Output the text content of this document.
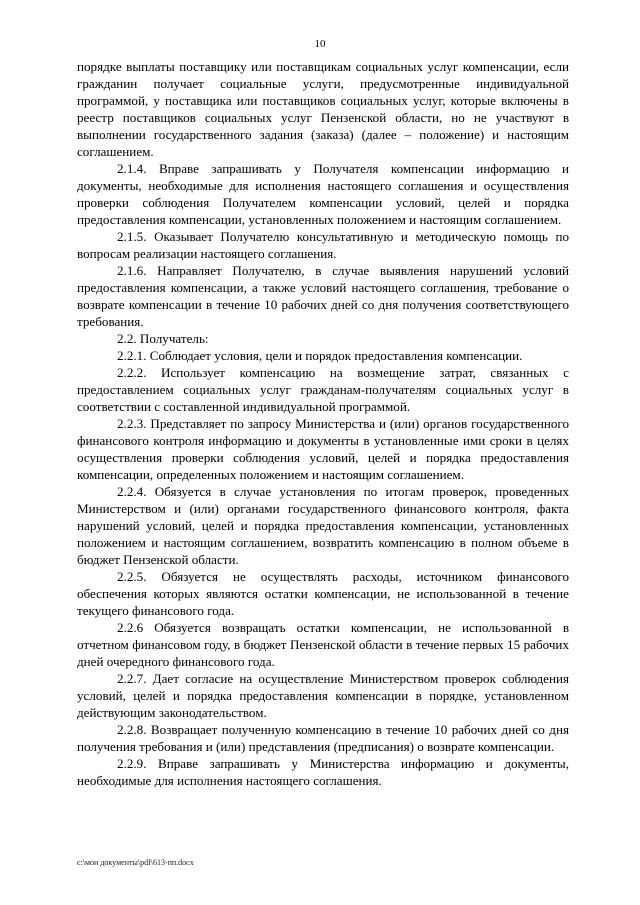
10

порядке выплаты поставщику или поставщикам социальных услуг компенсации, если гражданин получает социальные услуги, предусмотренные индивидуальной программой, у поставщика или поставщиков социальных услуг, которые включены в реестр поставщиков социальных услуг Пензенской области, но не участвуют в выполнении государственного задания (заказа) (далее – положение) и настоящим соглашением.

2.1.4. Вправе запрашивать у Получателя компенсации информацию и документы, необходимые для исполнения настоящего соглашения и осуществления проверки соблюдения Получателем компенсации условий, целей и порядка предоставления компенсации, установленных положением и настоящим соглашением.

2.1.5. Оказывает Получателю консультативную и методическую помощь по вопросам реализации настоящего соглашения.

2.1.6. Направляет Получателю, в случае выявления нарушений условий предоставления компенсации, а также условий настоящего соглашения, требование о возврате компенсации в течение 10 рабочих дней со дня получения соответствующего требования.

2.2. Получатель:

2.2.1. Соблюдает условия, цели и порядок предоставления компенсации.

2.2.2. Использует компенсацию на возмещение затрат, связанных с предоставлением социальных услуг гражданам-получателям социальных услуг в соответствии с составленной индивидуальной программой.

2.2.3. Представляет по запросу Министерства и (или) органов государственного финансового контроля информацию и документы в установленные ими сроки в целях осуществления проверки соблюдения условий, целей и порядка предоставления компенсации, определенных положением и настоящим соглашением.

2.2.4. Обязуется в случае установления по итогам проверок, проведенных Министерством и (или) органами государственного финансового контроля, факта нарушений условий, целей и порядка предоставления компенсации, установленных положением и настоящим соглашением, возвратить компенсацию в полном объеме в бюджет Пензенской области.

2.2.5. Обязуется не осуществлять расходы, источником финансового обеспечения которых являются остатки компенсации, не использованной в течение текущего финансового года.

2.2.6 Обязуется возвращать остатки компенсации, не использованной в отчетном финансовом году, в бюджет Пензенской области в течение первых 15 рабочих дней очередного финансового года.

2.2.7. Дает согласие на осуществление Министерством проверок соблюдения условий, целей и порядка предоставления компенсации в порядке, установленном действующим законодательством.

2.2.8. Возвращает полученную компенсацию в течение 10 рабочих дней со дня получения требования и (или) представления (предписания) о возврате компенсации.

2.2.9. Вправе запрашивать у Министерства информацию и документы, необходимые для исполнения настоящего соглашения.

c:\мои документы\pdf\613-пп.docx
